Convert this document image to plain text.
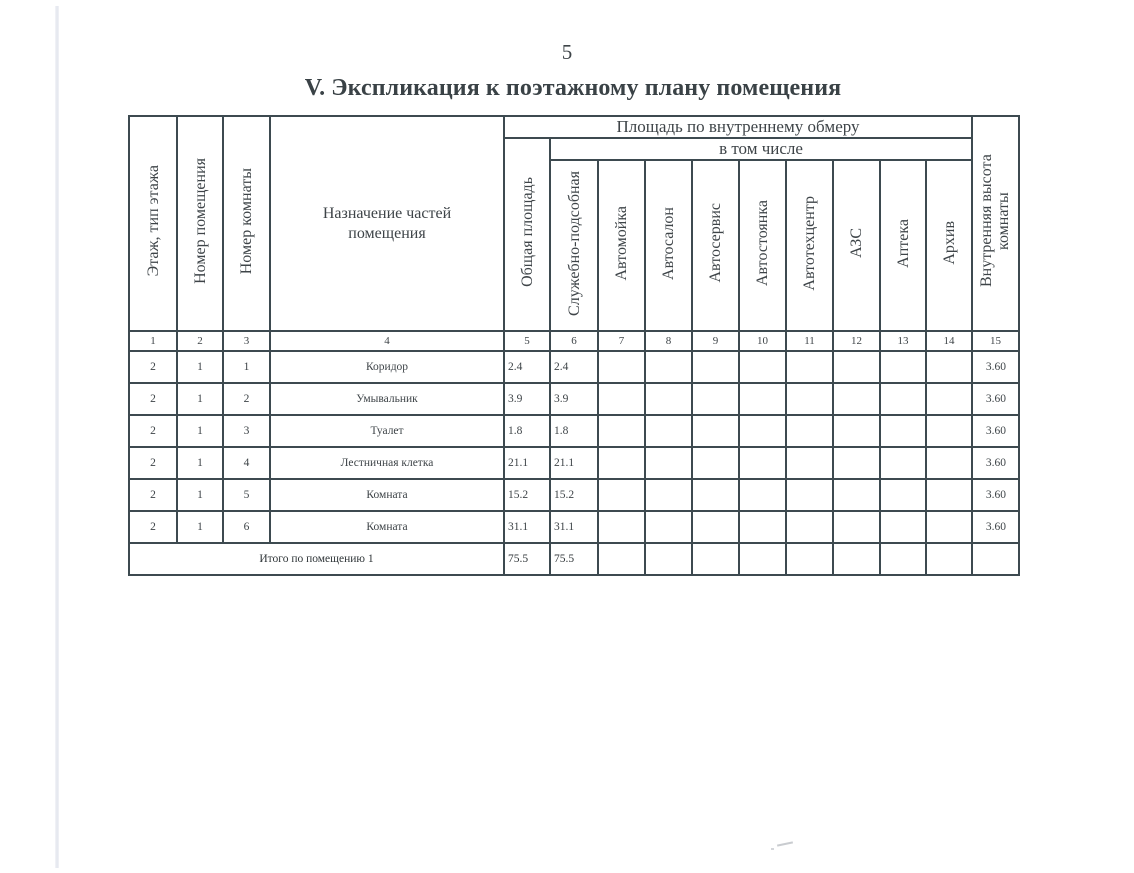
5
V. Экспликация к поэтажному плану помещения
Этаж, тип этажа	Номер помещения	Номер комнаты	Назначение частей помещения	Площадь по внутреннему обмеру										Внутренняя высота комнаты
				Общая площадь	в том числе									
					Служебно-подсобная	Автомойка	Автосалон	Автосервис	Автостоянка	Автотехцентр	АЗС	Аптека	Архив	
1	2	3	4	5	6	7	8	9	10	11	12	13	14	15
2	1	1	Коридор	2.4	2.4									3.60
2	1	2	Умывальник	3.9	3.9									3.60
2	1	3	Туалет	1.8	1.8									3.60
2	1	4	Лестничная клетка	21.1	21.1									3.60
2	1	5	Комната	15.2	15.2									3.60
2	1	6	Комната	31.1	31.1									3.60
Итого по помещению 1				75.5	75.5									
